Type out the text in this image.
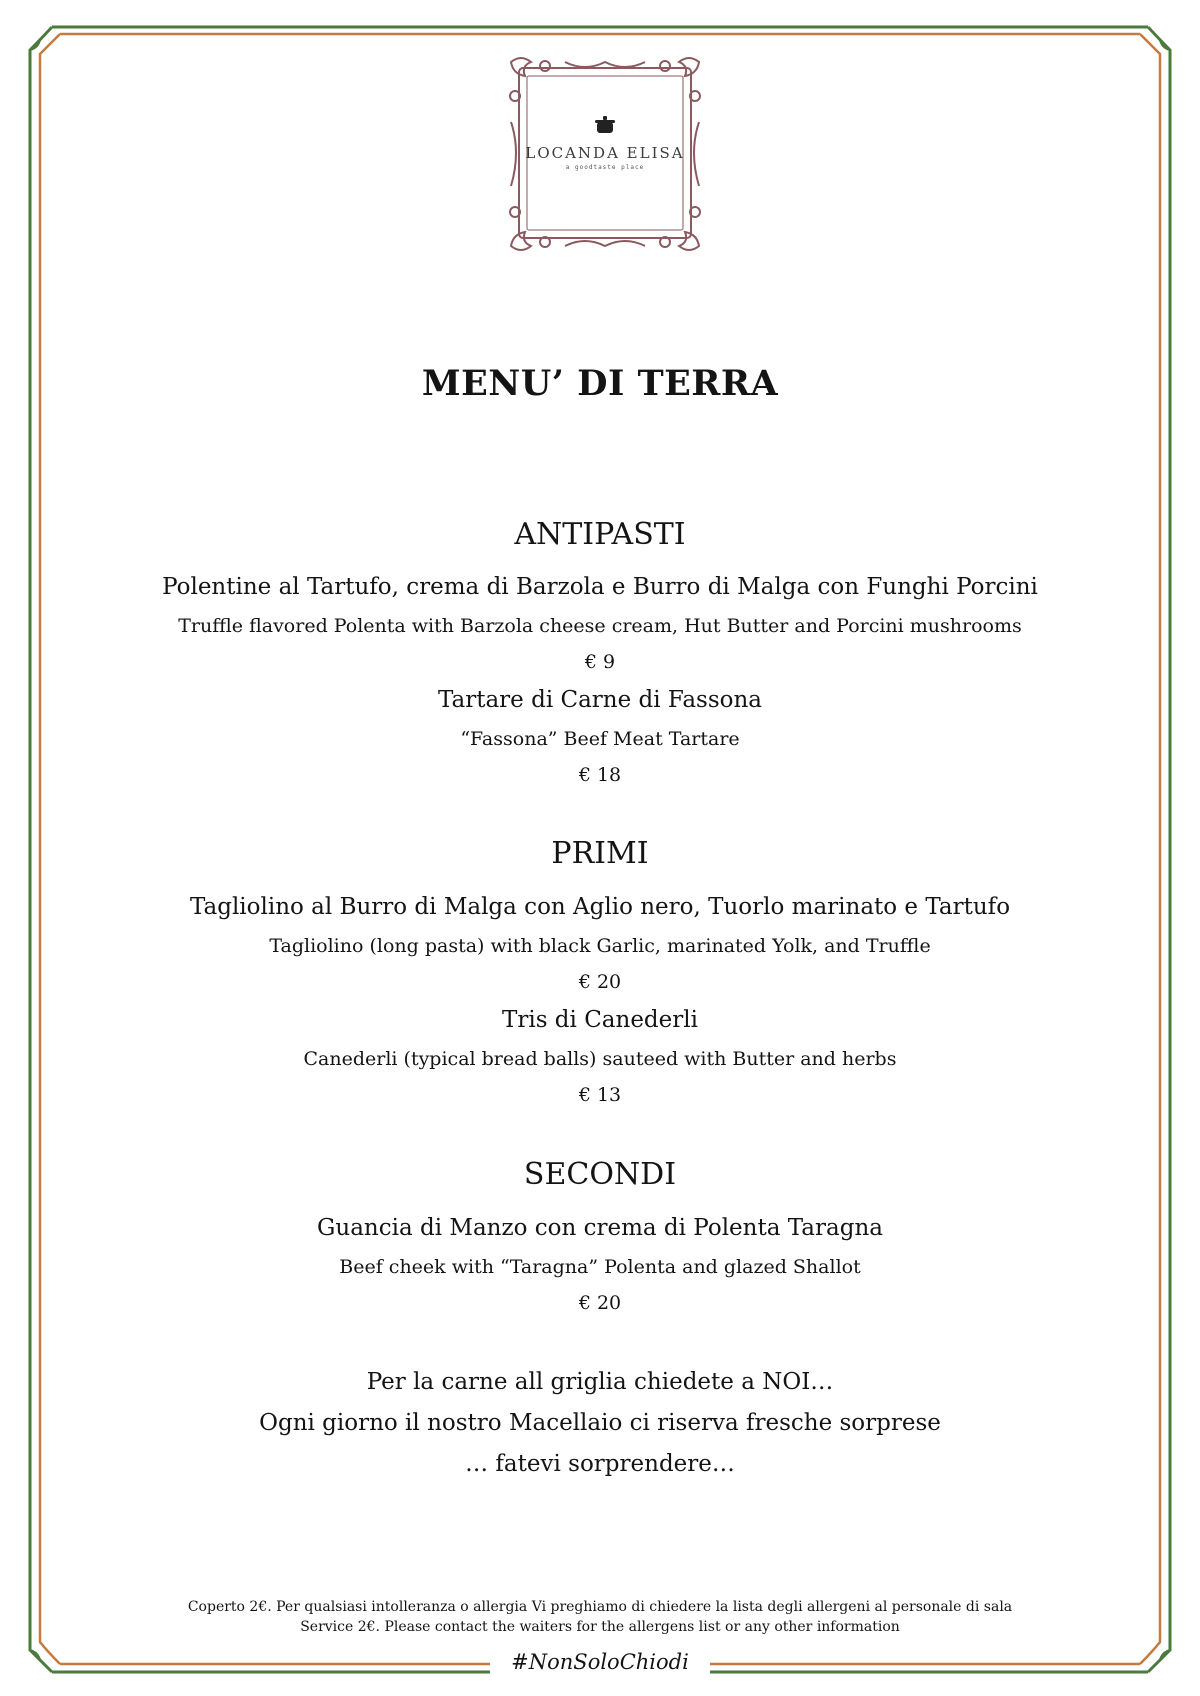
LOCANDA ELISA
a goodtaste place
MENU’ DI TERRA
ANTIPASTI
Polentine al Tartufo, crema di Barzola e Burro di Malga con Funghi Porcini
Truffle flavored Polenta with Barzola cheese cream, Hut Butter and Porcini mushrooms
€ 9
Tartare di Carne di Fassona
“Fassona” Beef Meat Tartare
€ 18
PRIMI
Tagliolino al Burro di Malga con Aglio nero, Tuorlo marinato e Tartufo
Tagliolino (long pasta) with black Garlic, marinated Yolk, and Truffle
€ 20
Tris di Canederli
Canederli (typical bread balls) sauteed with Butter and herbs
€ 13
SECONDI
Guancia di Manzo con crema di Polenta Taragna
Beef cheek with “Taragna” Polenta and glazed Shallot
€ 20
Per la carne all griglia chiedete a NOI…
Ogni giorno il nostro Macellaio ci riserva fresche sorprese
… fatevi sorprendere…
Coperto 2€. Per qualsiasi intolleranza o allergia Vi preghiamo di chiedere la lista degli allergeni al personale di sala
Service 2€. Please contact the waiters for the allergens list or any other information
#NonSoloChiodi
